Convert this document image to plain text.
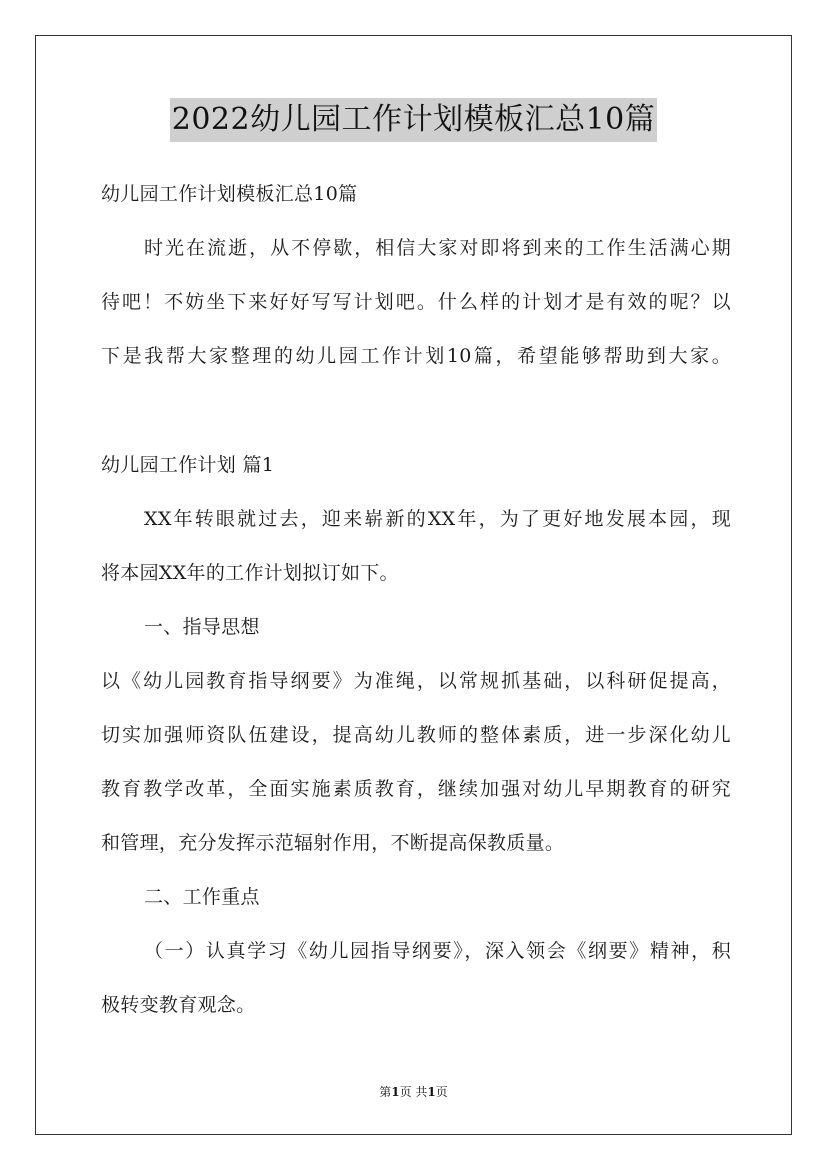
2022幼儿园工作计划模板汇总10篇
幼儿园工作计划模板汇总10篇
时光在流逝，从不停歇，相信大家对即将到来的工作生活满心期
待吧！不妨坐下来好好写写计划吧。什么样的计划才是有效的呢？以
下是我帮大家整理的幼儿园工作计划10篇，希望能够帮助到大家。
幼儿园工作计划 篇1
XX年转眼就过去，迎来崭新的XX年，为了更好地发展本园，现
将本园XX年的工作计划拟订如下。
一、指导思想
以《幼儿园教育指导纲要》为准绳，以常规抓基础，以科研促提高，
切实加强师资队伍建设，提高幼儿教师的整体素质，进一步深化幼儿
教育教学改革，全面实施素质教育，继续加强对幼儿早期教育的研究
和管理，充分发挥示范辐射作用，不断提高保教质量。
二、工作重点
（一）认真学习《幼儿园指导纲要》，深入领会《纲要》精神，积
极转变教育观念。
第1页 共1页
